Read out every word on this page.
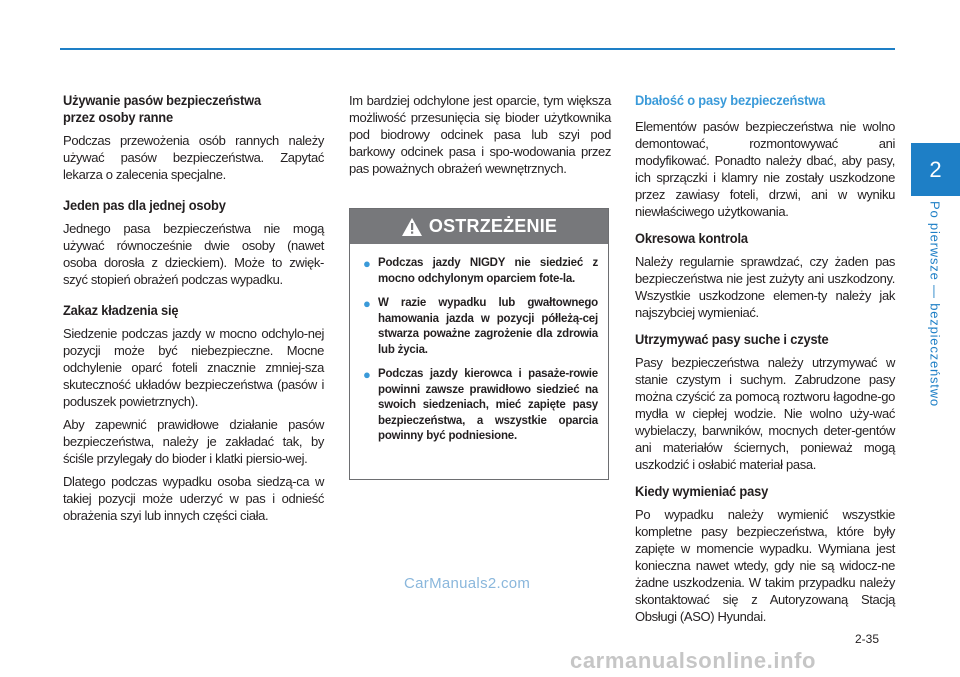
Używanie pasów bezpieczeństwa
przez osoby ranne

Podczas przewożenia osób rannych należy używać pasów bezpieczeństwa. Zapytać lekarza o zalecenia specjalne.

Jeden pas dla jednej osoby

Jednego pasa bezpieczeństwa nie mogą używać równocześnie dwie osoby (nawet osoba dorosła z dzieckiem). Może to zwięk-szyć stopień obrażeń podczas wypadku.

Zakaz kładzenia się

Siedzenie podczas jazdy w mocno odchylo-nej pozycji może być niebezpieczne. Mocne odchylenie oparć foteli znacznie zmniej-sza skuteczność układów bezpieczeństwa (pasów i poduszek powietrznych).

Aby zapewnić prawidłowe działanie pasów bezpieczeństwa, należy je zakładać tak, by ściśle przylegały do bioder i klatki piersio-wej.

Dlatego podczas wypadku osoba siedzą-ca w takiej pozycji może uderzyć w pas i odnieść obrażenia szyi lub innych części ciała.

Im bardziej odchylone jest oparcie, tym większa możliwość przesunięcia się bioder użytkownika pod biodrowy odcinek pasa lub szyi pod barkowy odcinek pasa i spo-wodowania przez pas poważnych obrażeń wewnętrznych.

OSTRZEŻENIE
● Podczas jazdy NIGDY nie siedzieć z mocno odchylonym oparciem fote-la.
● W razie wypadku lub gwałtownego hamowania jazda w pozycji półleżą-cej stwarza poważne zagrożenie dla zdrowia lub życia.
● Podczas jazdy kierowca i pasaże-rowie powinni zawsze prawidłowo siedzieć na swoich siedzeniach, mieć zapięte pasy bezpieczeństwa, a wszystkie oparcia powinny być podniesione.
Dbałość o pasy bezpieczeństwa

Elementów pasów bezpieczeństwa nie wolno demontować, rozmontowywać ani modyfikować. Ponadto należy dbać, aby pasy, ich sprzączki i klamry nie zostały uszkodzone przez zawiasy foteli, drzwi, ani w wyniku niewłaściwego użytkowania.

Okresowa kontrola

Należy regularnie sprawdzać, czy żaden pas bezpieczeństwa nie jest zużyty ani uszkodzony. Wszystkie uszkodzone elemen-ty należy jak najszybciej wymieniać.

Utrzymywać pasy suche i czyste

Pasy bezpieczeństwa należy utrzymywać w stanie czystym i suchym. Zabrudzone pasy można czyścić za pomocą roztworu łagodne-go mydła w ciepłej wodzie. Nie wolno uży-wać wybielaczy, barwników, mocnych deter-gentów ani materiałów ściernych, ponieważ mogą uszkodzić i osłabić materiał pasa.

Kiedy wymieniać pasy

Po wypadku należy wymienić wszystkie kompletne pasy bezpieczeństwa, które były zapięte w momencie wypadku. Wymiana jest konieczna nawet wtedy, gdy nie są widocz-ne żadne uszkodzenia. W takim przypadku należy skontaktować się z Autoryzowaną Stacją Obsługi (ASO) Hyundai.

2
Po pierwsze — bezpieczeństwo
2-35
CarManuals2.com
carmanualsonline.info
